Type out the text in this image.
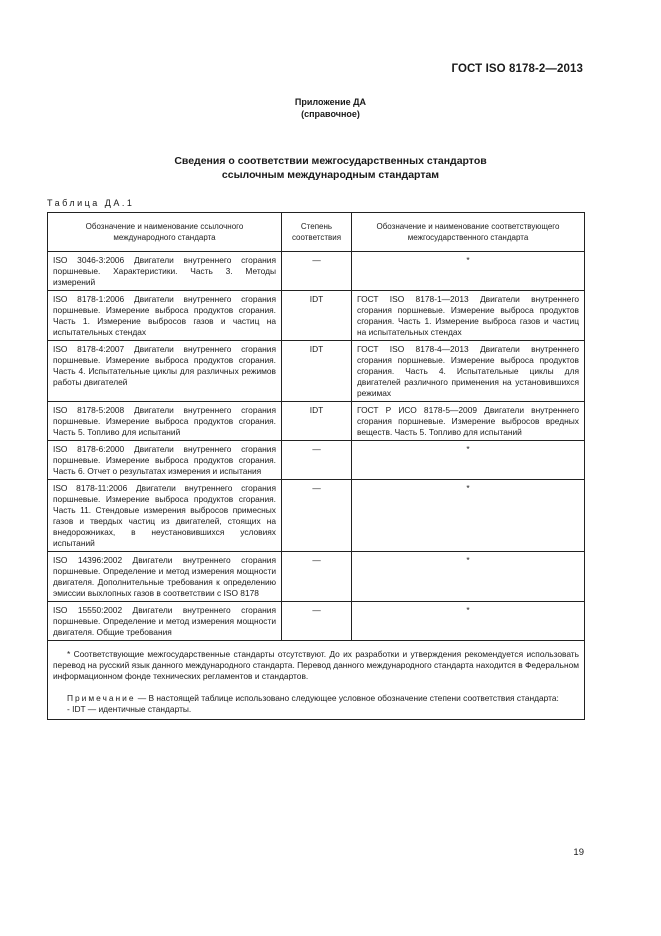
ГОСТ ISO 8178-2—2013
Приложение ДА
(справочное)
Сведения о соответствии межгосударственных стандартов
ссылочным международным стандартам
Таблица ДА.1
Обозначение и наименование ссылочного международного стандарта	Степень соответствия	Обозначение и наименование соответствующего межгосударственного стандарта
ISO 3046-3:2006 Двигатели внутреннего сгорания поршневые. Характеристики. Часть 3. Методы измерений	—	*
ISO 8178-1:2006 Двигатели внутреннего сгорания поршневые. Измерение выброса продуктов сгорания. Часть 1. Измерение выбросов газов и частиц на испытательных стендах	IDT	ГОСТ ISO 8178-1—2013 Двигатели внутреннего сгорания поршневые. Измерение выброса продуктов сгорания. Часть 1. Измерение выброса газов и частиц на испытательных стендах
ISO 8178-4:2007 Двигатели внутреннего сгорания поршневые. Измерение выброса продуктов сгорания. Часть 4. Испытательные циклы для различных режимов работы двигателей	IDT	ГОСТ ISO 8178-4—2013 Двигатели внутреннего сгорания поршневые. Измерение выброса продуктов сгорания. Часть 4. Испытательные циклы для двигателей различного применения на установившихся режимах
ISO 8178-5:2008 Двигатели внутреннего сгорания поршневые. Измерение выброса продуктов сгорания. Часть 5. Топливо для испытаний	IDT	ГОСТ Р ИСО 8178-5—2009 Двигатели внутреннего сгорания поршневые. Измерение выбросов вредных веществ. Часть 5. Топливо для испытаний
ISO 8178-6:2000 Двигатели внутреннего сгорания поршневые. Измерение выброса продуктов сгорания. Часть 6. Отчет о результатах измерения и испытания	—	*
ISO 8178-11:2006 Двигатели внутреннего сгорания поршневые. Измерение выброса продуктов сгорания. Часть 11. Стендовые измерения выбросов примесных газов и твердых частиц из двигателей, стоящих на внедорожниках, в неустановившихся условиях испытаний	—	*
ISO 14396:2002 Двигатели внутреннего сгорания поршневые. Определение и метод измерения мощности двигателя. Дополнительные требования к определению эмиссии выхлопных газов в соответствии с ISO 8178	—	*
ISO 15550:2002 Двигатели внутреннего сгорания поршневые. Определение и метод измерения мощности двигателя. Общие требования	—	*

* Соответствующие межгосударственные стандарты отсутствуют. До их разработки и утверждения рекомендуется использовать перевод на русский язык данного международного стандарта. Перевод данного международного стандарта находится в Федеральном информационном фонде технических регламентов и стандартов.

Примечание — В настоящей таблице использовано следующее условное обозначение степени соответствия стандарта:

- IDT — идентичные стандарты.		

19
